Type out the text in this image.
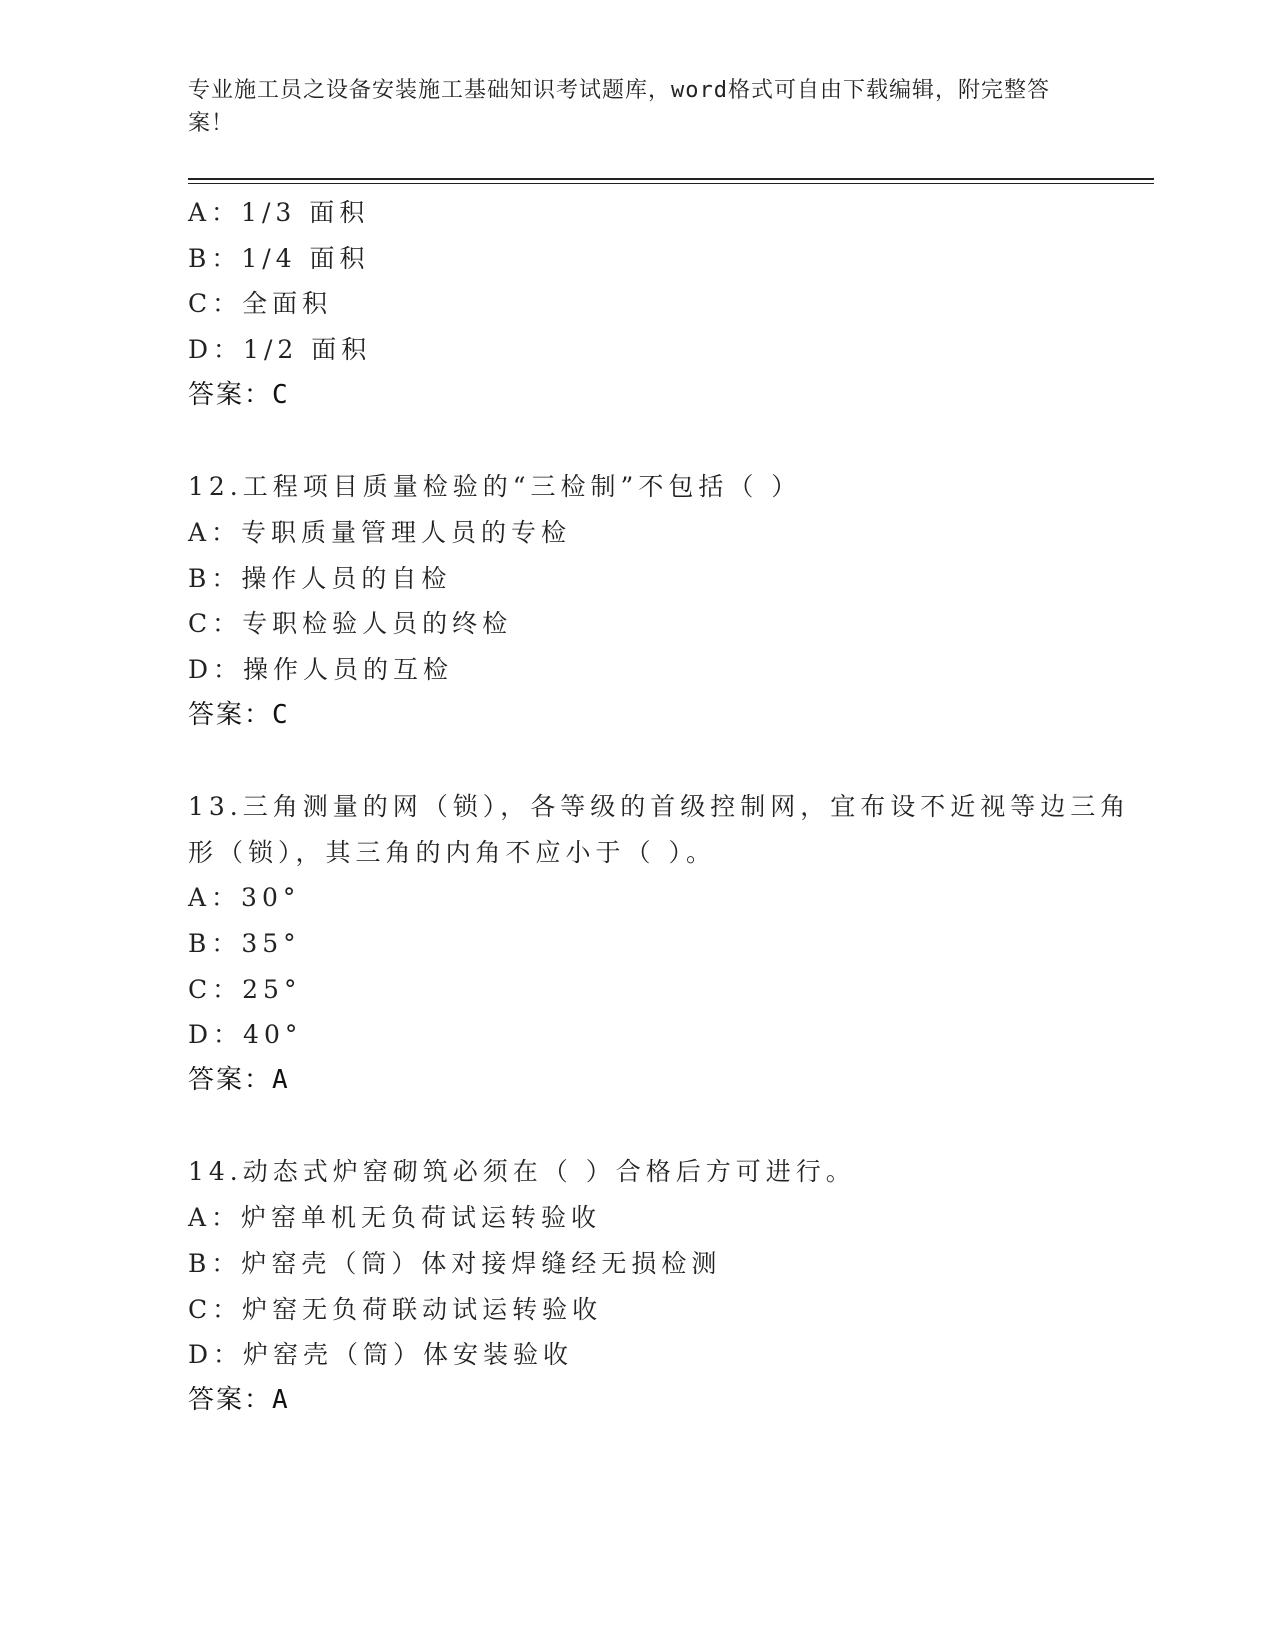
专业施工员之设备安装施工基础知识考试题库，word格式可自由下载编辑，附完整答案！
A：1/3 面积
B：1/4 面积
C：全面积
D：1/2 面积
答案：C
12.工程项目质量检验的“三检制”不包括（ ）
A：专职质量管理人员的专检
B：操作人员的自检
C：专职检验人员的终检
D：操作人员的互检
答案：C
13.三角测量的网（锁），各等级的首级控制网，宜布设不近视等边三角形（锁），其三角的内角不应小于（ ）。
A：30°
B：35°
C：25°
D：40°
答案：A
14.动态式炉窑砌筑必须在（ ）合格后方可进行。
A：炉窑单机无负荷试运转验收
B：炉窑壳（筒）体对接焊缝经无损检测
C：炉窑无负荷联动试运转验收
D：炉窑壳（筒）体安装验收
答案：A
